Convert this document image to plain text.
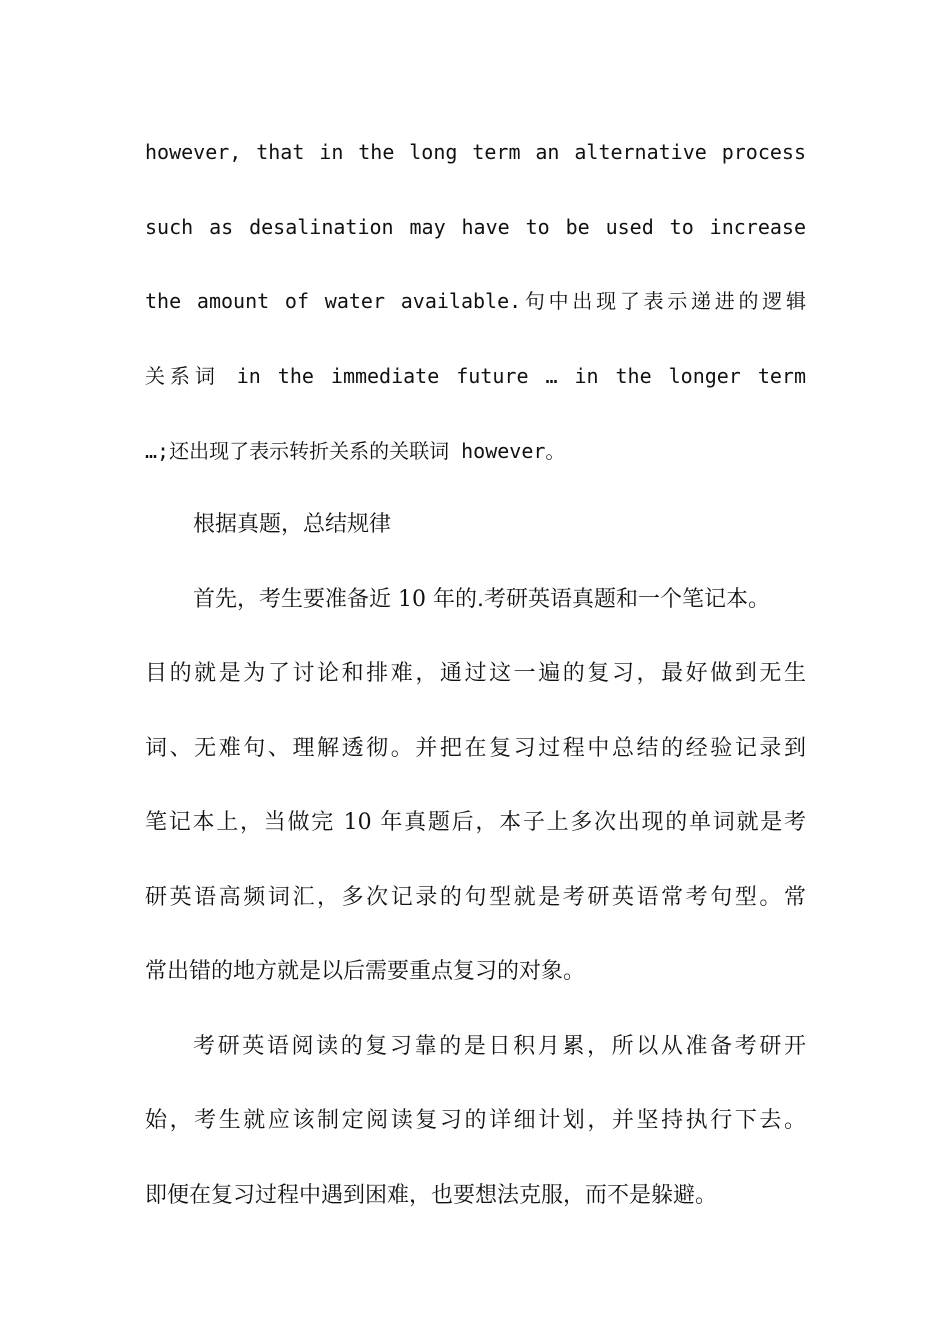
however, that in the long term an alternative process

such as desalination may have to be used to increase

the amount of water available.句中出现了表示递进的逻辑

关系词 in the immediate future … in the longer term

…;还出现了表示转折关系的关联词 however。

根据真题，总结规律

首先，考生要准备近 10 年的.考研英语真题和一个笔记本。

目的就是为了讨论和排难，通过这一遍的复习，最好做到无生

词、无难句、理解透彻。并把在复习过程中总结的经验记录到

笔记本上，当做完 10 年真题后，本子上多次出现的单词就是考

研英语高频词汇，多次记录的句型就是考研英语常考句型。常

常出错的地方就是以后需要重点复习的对象。

考研英语阅读的复习靠的是日积月累，所以从准备考研开

始，考生就应该制定阅读复习的详细计划，并坚持执行下去。

即便在复习过程中遇到困难，也要想法克服，而不是躲避。
